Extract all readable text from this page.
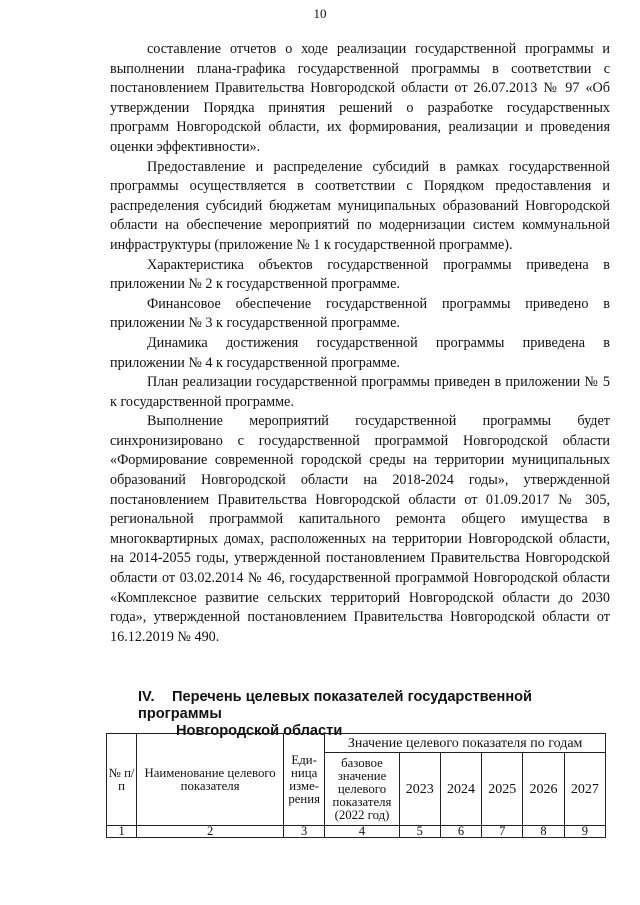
10

составление отчетов о ходе реализации государственной программы и выполнении плана-графика государственной программы в соответствии с постановлением Правительства Новгородской области от 26.07.2013 № 97 «Об утверждении Порядка принятия решений о разработке государственных программ Новгородской области, их формирования, реализации и проведения оценки эффективности».

Предоставление и распределение субсидий в рамках государственной программы осуществляется в соответствии с Порядком предоставления и распределения субсидий бюджетам муниципальных образований Новгородской области на обеспечение мероприятий по модернизации систем коммунальной инфраструктуры (приложение № 1 к государственной программе).

Характеристика объектов государственной программы приведена в приложении № 2 к государственной программе.

Финансовое обеспечение государственной программы приведено в приложении № 3 к государственной программе.

Динамика достижения государственной программы приведена в приложении № 4 к государственной программе.

План реализации государственной программы приведен в приложении № 5 к государственной программе.

Выполнение мероприятий государственной программы будет синхронизировано с государственной программой Новгородской области «Формирование современной городской среды на территории муниципальных образований Новгородской области на 2018-2024 годы», утвержденной постановлением Правительства Новгородской области от 01.09.2017 № 305, региональной программой капитального ремонта общего имущества в многоквартирных домах, расположенных на территории Новгородской области, на 2014-2055 годы, утвержденной постановлением Правительства Новгородской области от 03.02.2014 № 46, государственной программой Новгородской области «Комплексное развитие сельских территорий Новгородской области до 2030 года», утвержденной постановлением Правительства Новгородской области от 16.12.2019 № 490.

IV. Перечень целевых показателей государственной программы
Новгородской области
№ п/п	Наименование целевого показателя	Единица измерения	Значение целевого показателя по годам					
			базовое значение целевого показателя (2022 год)	2023	2024	2025	2026	2027
1	2	3	4	5	6	7	8	9
